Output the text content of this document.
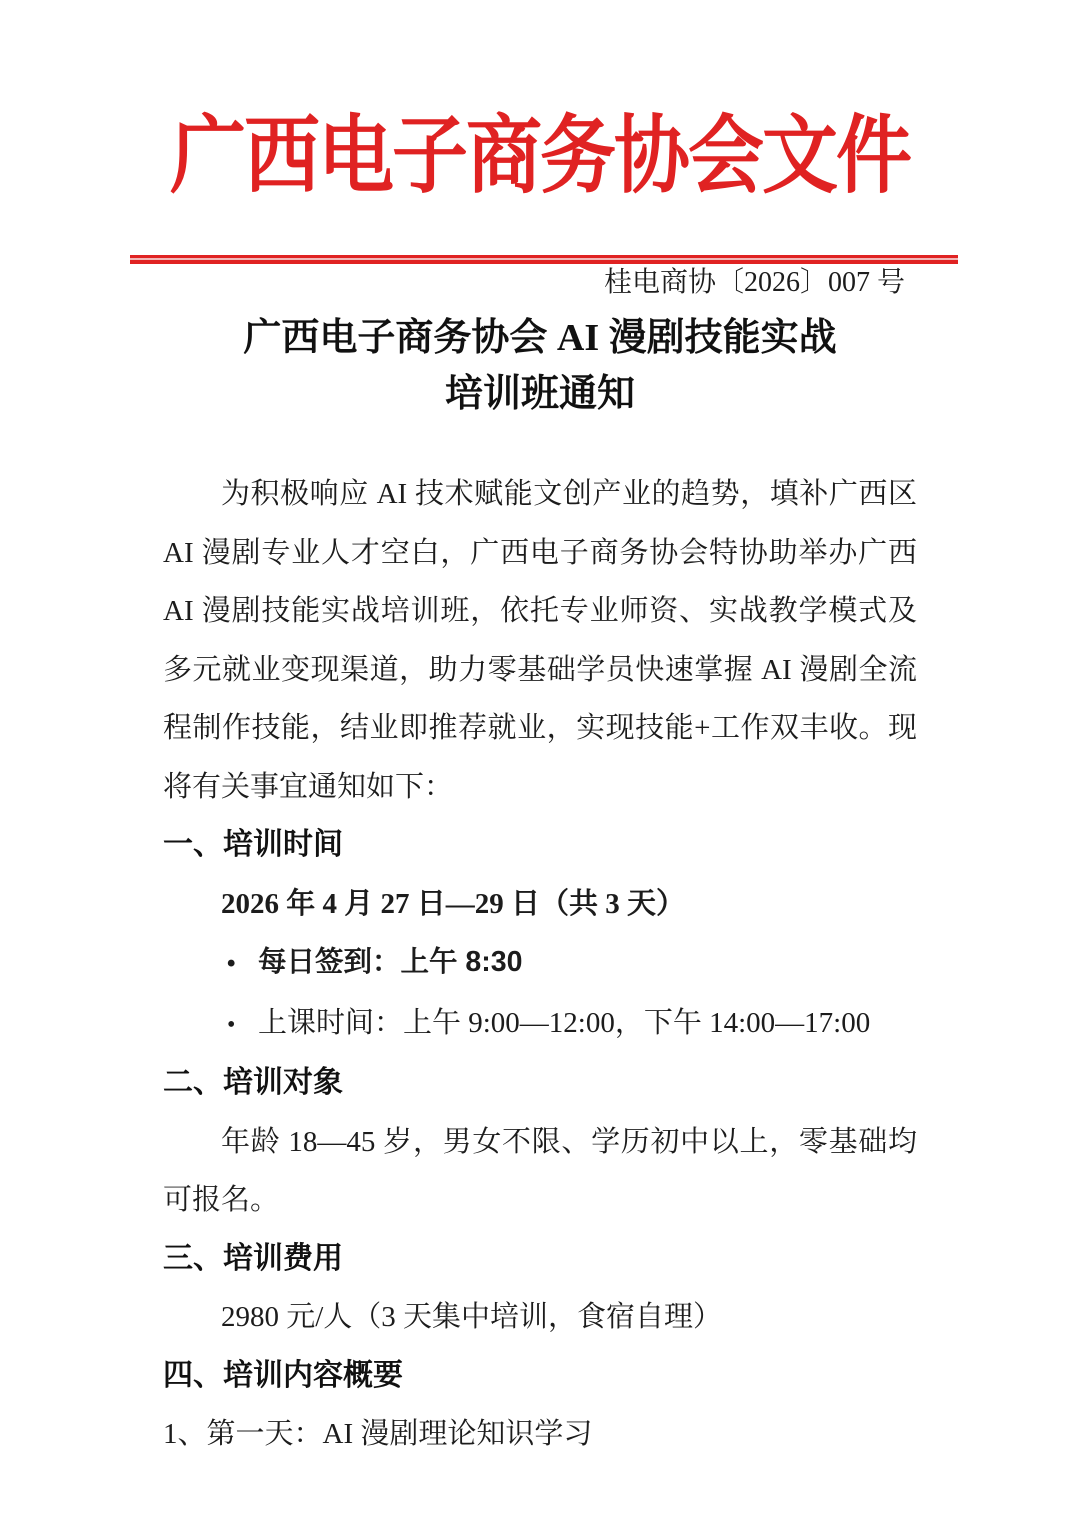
广西电子商务协会文件
桂电商协〔2026〕007 号
广西电子商务协会 AI 漫剧技能实战
培训班通知

为积极响应 AI 技术赋能文创产业的趋势，填补广西区 AI 漫剧专业人才空白，广西电子商务协会特协助举办广西 AI 漫剧技能实战培训班，依托专业师资、实战教学模式及多元就业变现渠道，助力零基础学员快速掌握 AI 漫剧全流程制作技能，结业即推荐就业，实现技能+工作双丰收。现将有关事宜通知如下：

一、培训时间

2026 年 4 月 27 日—29 日（共 3 天）

• 每日签到：上午 8:30
• 上课时间：上午 9:00—12:00，下午 14:00—17:00
二、培训对象

年龄 18—45 岁，男女不限、学历初中以上，零基础均可报名。

三、培训费用

2980 元/人（3 天集中培训，食宿自理）

四、培训内容概要

1、第一天：AI 漫剧理论知识学习
